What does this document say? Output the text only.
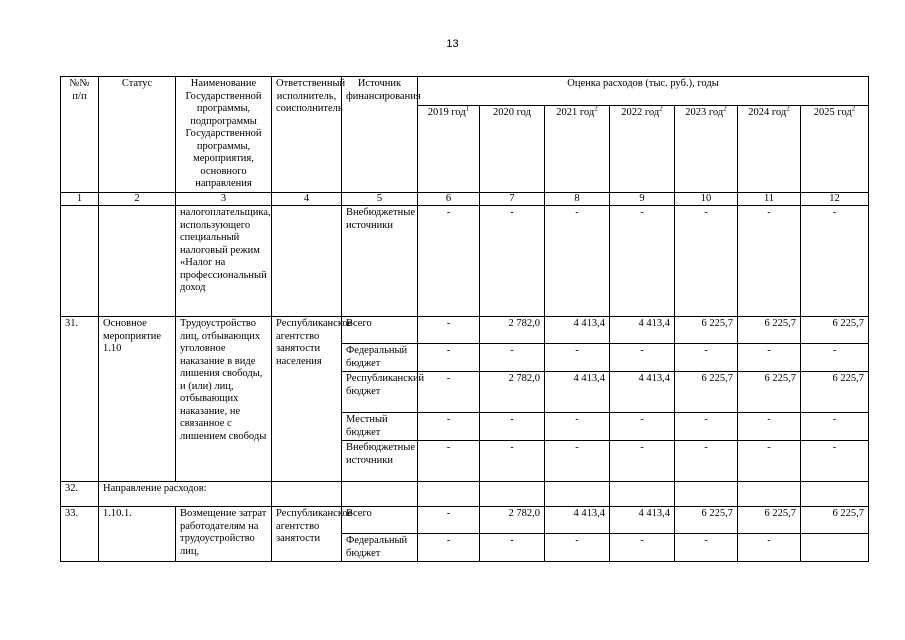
13
№№ п/п	Статус	Наименование Государственной программы, подпрограммы Государственной программы, мероприятия, основного направления	Ответственный исполнитель, соисполнитель	Источник финансирования	Оценка расходов (тыс. руб.), годы						
					2019 год$^1$	2020 год	2021 год$^2$	2022 год$^2$	2023 год$^2$	2024 год$^2$	2025 год$^2$
1	2	3	4	5	6	7	8	9	10	11	12
		налогоплательщика, использующего специальный налоговый режим «Налог на профессиональный доход		Внебюджетные источники	-	-	-	-	-	-	-
31.	Основное мероприятие 1.10	Трудоустройство лиц, отбывающих уголовное наказание в виде лишения свободы, и (или) лиц, отбывающих наказание, не связанное с лишением свободы	Республиканское агентство занятости населения	Всего	-	2 782,0	4 413,4	4 413,4	6 225,7	6 225,7	6 225,7
				Федеральный бюджет	-	-	-	-	-	-	-
				Республиканский бюджет	-	2 782,0	4 413,4	4 413,4	6 225,7	6 225,7	6 225,7
				Местный бюджет	-	-	-	-	-	-	-
				Внебюджетные источники	-	-	-	-	-	-	-
32.	Направление расходов:										
33.	1.10.1.	Возмещение затрат работодателям на трудоустройство лиц,	Республиканское агентство занятости	Всего	-	2 782,0	4 413,4	4 413,4	6 225,7	6 225,7	6 225,7
				Федеральный бюджет	-	-	-	-	-	-	
